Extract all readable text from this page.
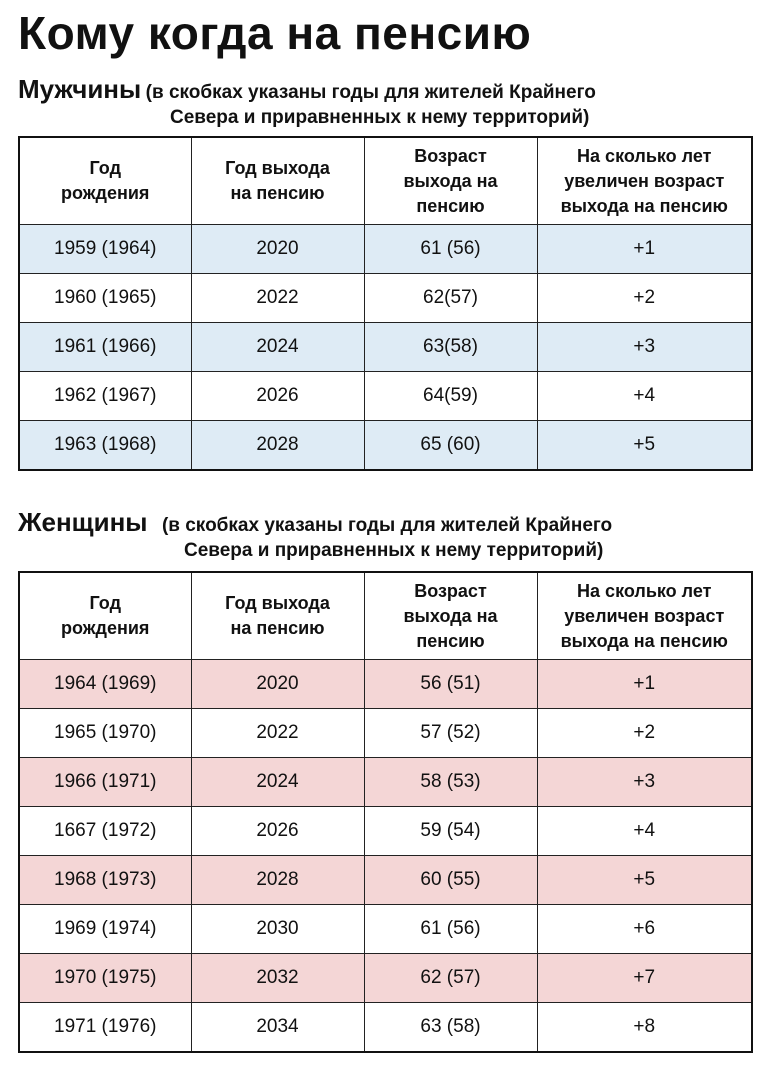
Кому когда на пенсию
Мужчины (в скобках указаны годы для жителей Крайнего
Севера и приравненных к нему территорий)
Год
рождения	Год выхода
на пенсию	Возраст
выхода на
пенсию	На сколько лет
увеличен возраст
выхода на пенсию
1959 (1964)	2020	61 (56)	+1
1960 (1965)	2022	62(57)	+2
1961 (1966)	2024	63(58)	+3
1962 (1967)	2026	64(59)	+4
1963 (1968)	2028	65 (60)	+5
Женщины (в скобках указаны годы для жителей Крайнего
Севера и приравненных к нему территорий)
Год
рождения	Год выхода
на пенсию	Возраст
выхода на
пенсию	На сколько лет
увеличен возраст
выхода на пенсию
1964 (1969)	2020	56 (51)	+1
1965 (1970)	2022	57 (52)	+2
1966 (1971)	2024	58 (53)	+3
1667 (1972)	2026	59 (54)	+4
1968 (1973)	2028	60 (55)	+5
1969 (1974)	2030	61 (56)	+6
1970 (1975)	2032	62 (57)	+7
1971 (1976)	2034	63 (58)	+8
